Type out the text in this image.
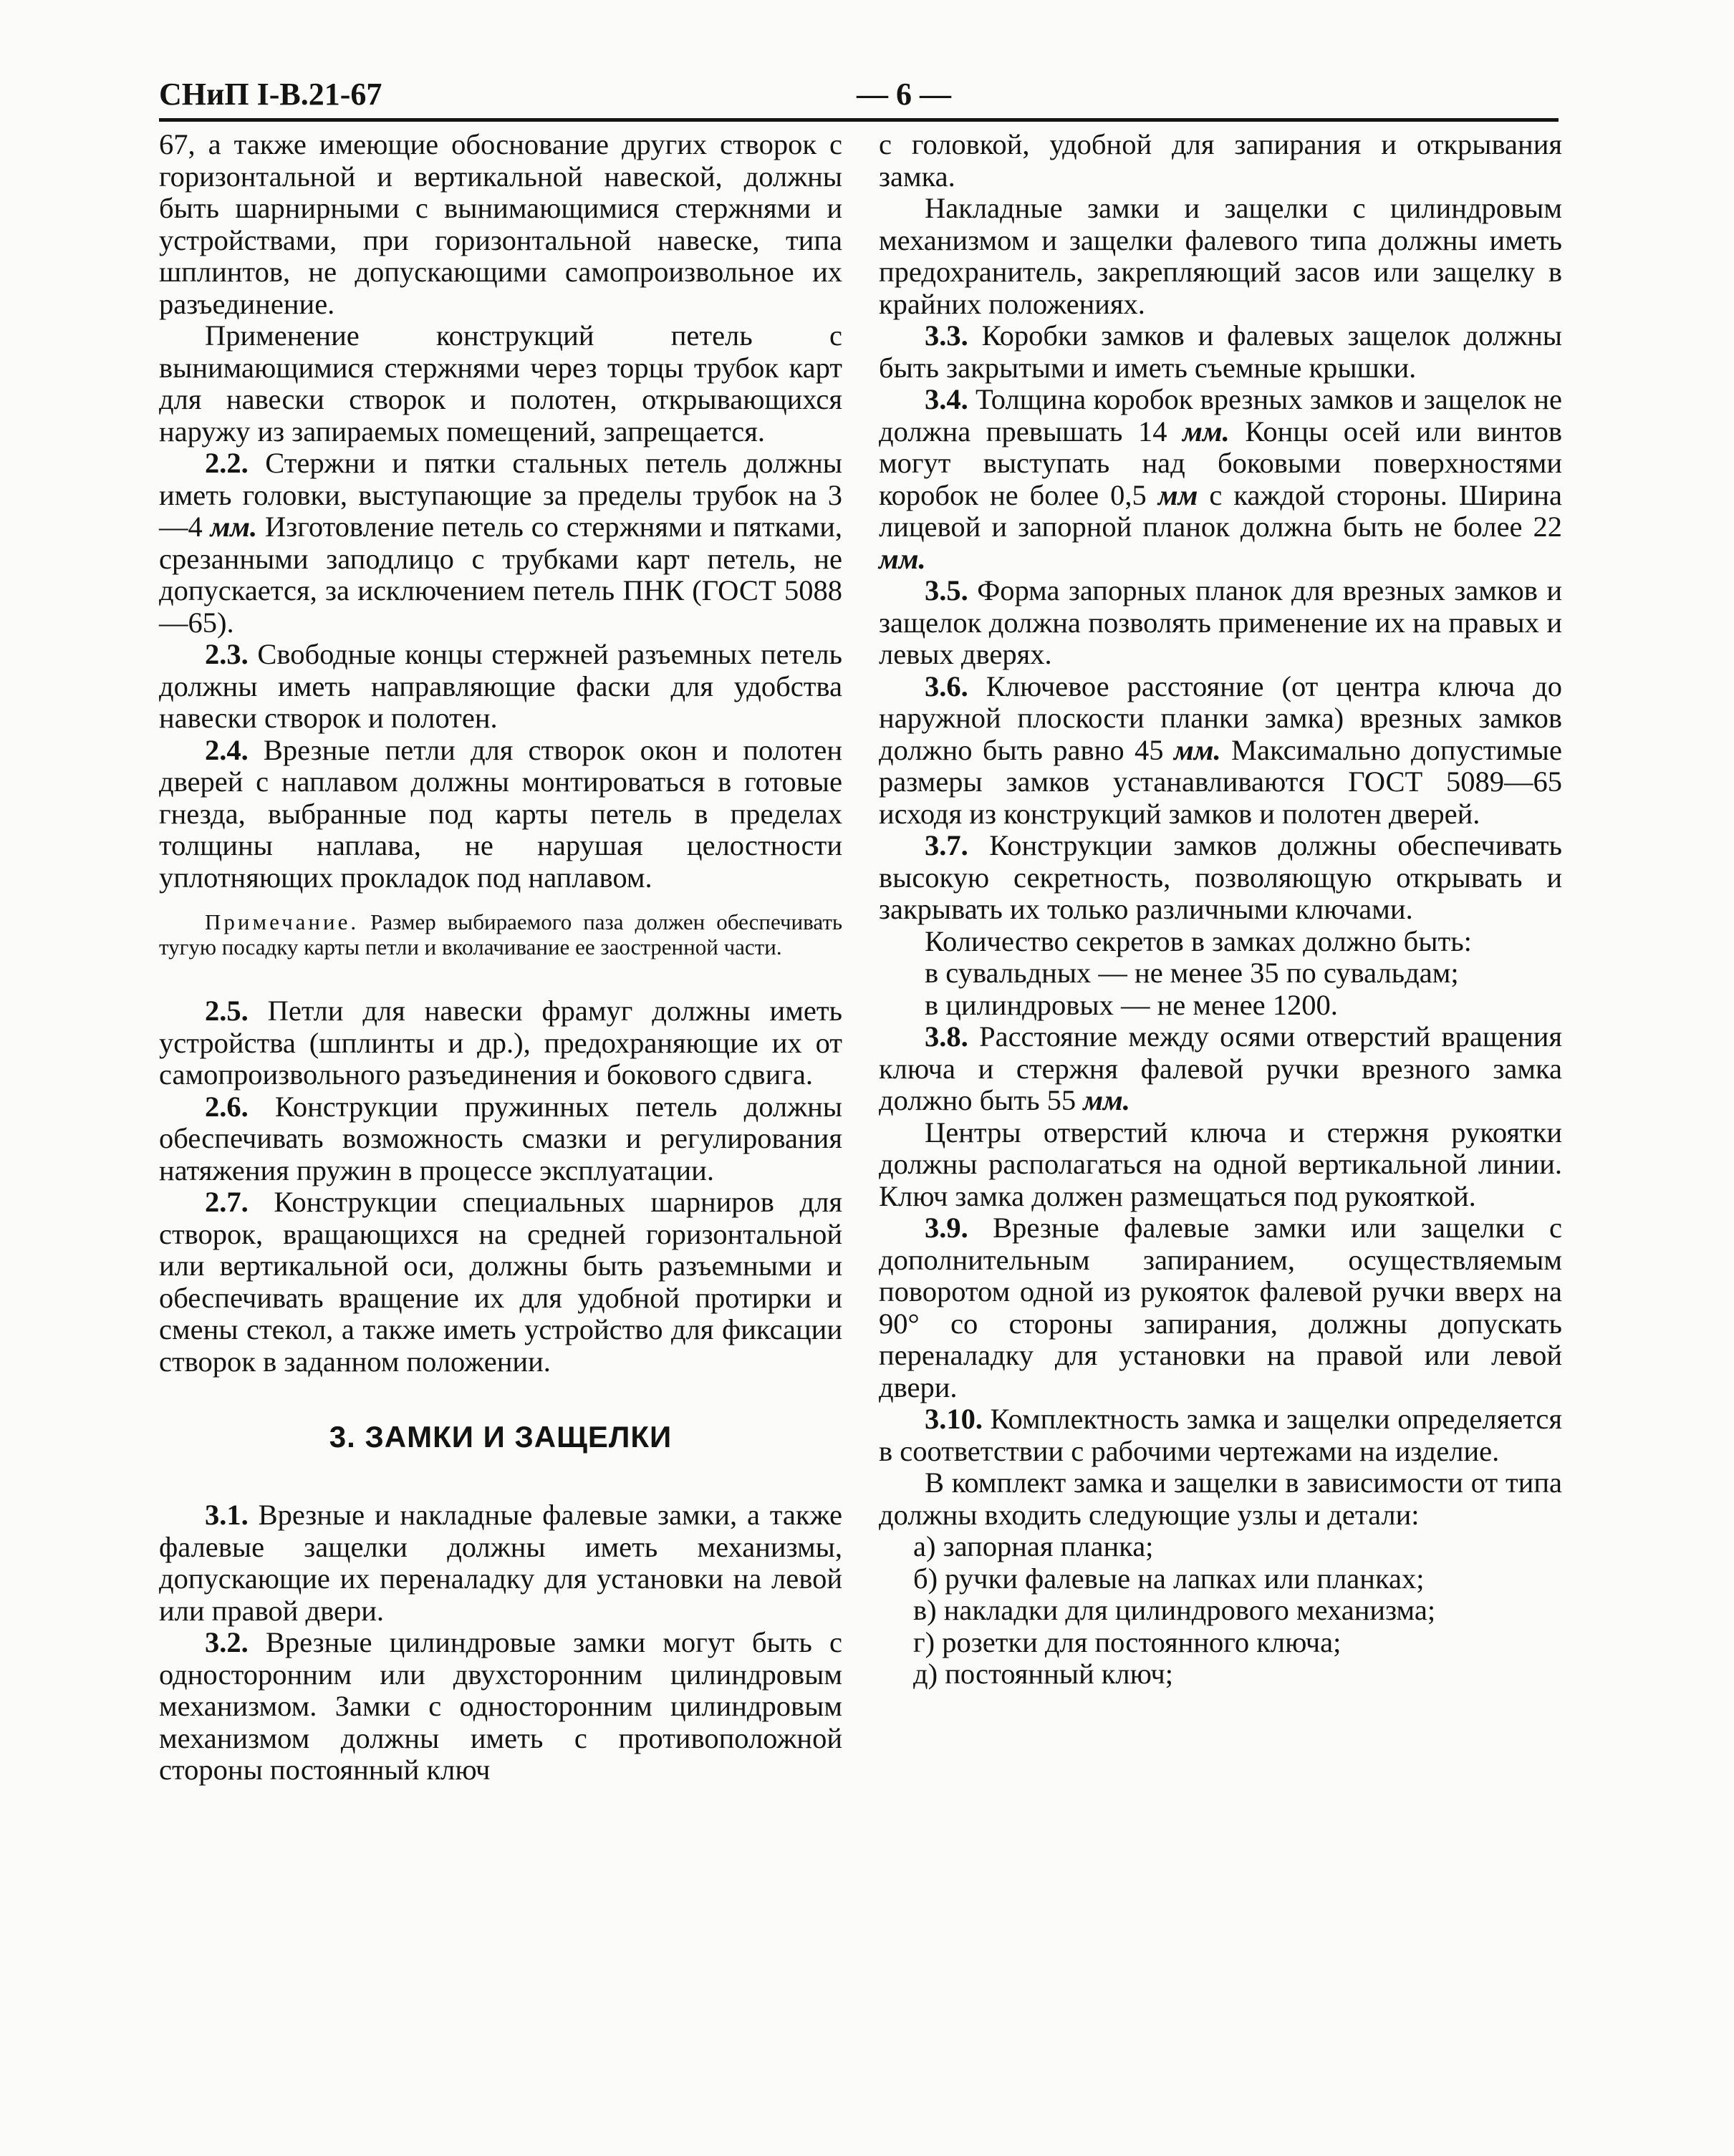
СНиП I-В.21-67	— 6 —

67, а также имеющие обоснование других створок с горизонтальной и вертикальной навеской, должны быть шарнирными с вынимающимися стержнями и устройствами, при горизонтальной навеске, типа шплинтов, не допускающими самопроизвольное их разъединение.

Применение конструкций петель с вынимающимися стержнями через торцы трубок карт для навески створок и полотен, открывающихся наружу из запираемых помещений, запрещается.

2.2. Стержни и пятки стальных петель должны иметь головки, выступающие за пределы трубок на 3—4 мм. Изготовление петель со стержнями и пятками, срезанными заподлицо с трубками карт петель, не допускается, за исключением петель ПНК (ГОСТ 5088—65).

2.3. Свободные концы стержней разъемных петель должны иметь направляющие фаски для удобства навески створок и полотен.

2.4. Врезные петли для створок окон и полотен дверей с наплавом должны монтироваться в готовые гнезда, выбранные под карты петель в пределах толщины наплава, не нарушая целостности уплотняющих прокладок под наплавом.

Примечание. Размер выбираемого паза должен обеспечивать тугую посадку карты петли и вколачивание ее заостренной части.

2.5. Петли для навески фрамуг должны иметь устройства (шплинты и др.), предохраняющие их от самопроизвольного разъединения и бокового сдвига.

2.6. Конструкции пружинных петель должны обеспечивать возможность смазки и регулирования натяжения пружин в процессе эксплуатации.

2.7. Конструкции специальных шарниров для створок, вращающихся на средней горизонтальной или вертикальной оси, должны быть разъемными и обеспечивать вращение их для удобной протирки и смены стекол, а также иметь устройство для фиксации створок в заданном положении.

3. ЗАМКИ И ЗАЩЕЛКИ

3.1. Врезные и накладные фалевые замки, а также фалевые защелки должны иметь механизмы, допускающие их переналадку для установки на левой или правой двери.

3.2. Врезные цилиндровые замки могут быть с односторонним или двухсторонним цилиндровым механизмом. Замки с односторонним цилиндровым механизмом должны иметь с противоположной стороны постоянный ключ

с головкой, удобной для запирания и открывания замка.

Накладные замки и защелки с цилиндровым механизмом и защелки фалевого типа должны иметь предохранитель, закрепляющий засов или защелку в крайних положениях.

3.3. Коробки замков и фалевых защелок должны быть закрытыми и иметь съемные крышки.

3.4. Толщина коробок врезных замков и защелок не должна превышать 14 мм. Концы осей или винтов могут выступать над боковыми поверхностями коробок не более 0,5 мм с каждой стороны. Ширина лицевой и запорной планок должна быть не более 22 мм.

3.5. Форма запорных планок для врезных замков и защелок должна позволять применение их на правых и левых дверях.

3.6. Ключевое расстояние (от центра ключа до наружной плоскости планки замка) врезных замков должно быть равно 45 мм. Максимально допустимые размеры замков устанавливаются ГОСТ 5089—65 исходя из конструкций замков и полотен дверей.

3.7. Конструкции замков должны обеспечивать высокую секретность, позволяющую открывать и закрывать их только различными ключами.

Количество секретов в замках должно быть:

в сувальдных — не менее 35 по сувальдам;

в цилиндровых — не менее 1200.

3.8. Расстояние между осями отверстий вращения ключа и стержня фалевой ручки врезного замка должно быть 55 мм.

Центры отверстий ключа и стержня рукоятки должны располагаться на одной вертикальной линии. Ключ замка должен размещаться под рукояткой.

3.9. Врезные фалевые замки или защелки с дополнительным запиранием, осуществляемым поворотом одной из рукояток фалевой ручки вверх на 90° со стороны запирания, должны допускать переналадку для установки на правой или левой двери.

3.10. Комплектность замка и защелки определяется в соответствии с рабочими чертежами на изделие.

В комплект замка и защелки в зависимости от типа должны входить следующие узлы и детали:

а) запорная планка;

б) ручки фалевые на лапках или планках;

в) накладки для цилиндрового механизма;

г) розетки для постоянного ключа;

д) постоянный ключ;
